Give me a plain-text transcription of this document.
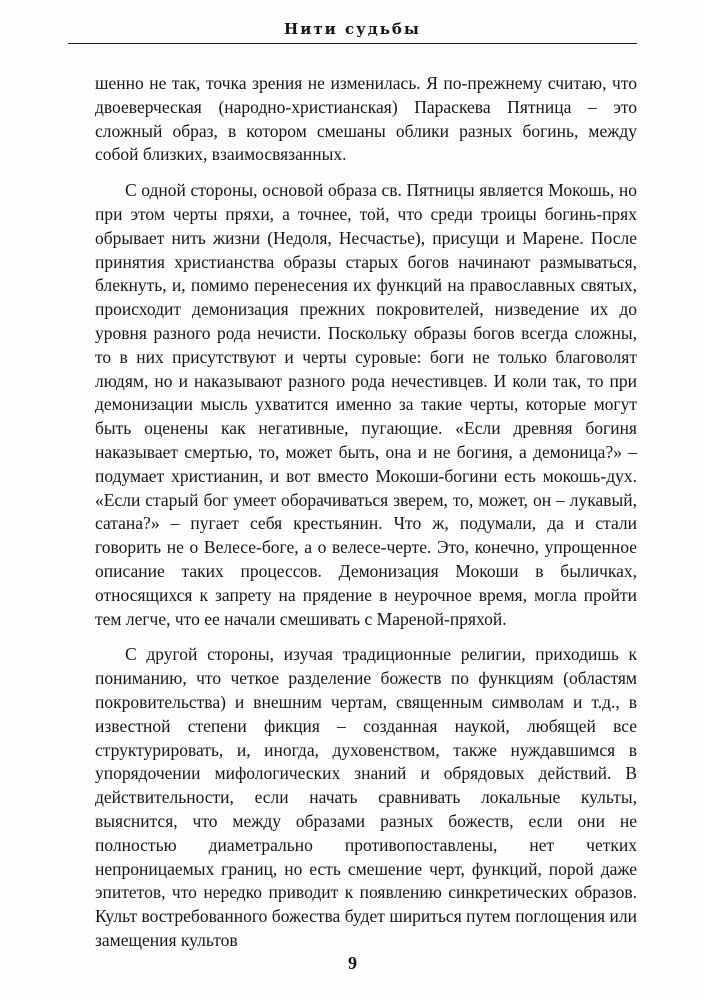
Нити судьбы

шенно не так, точка зрения не изменилась. Я по-прежнему считаю, что двоеверческая (народно-христианская) Параскева Пятница – это сложный образ, в котором смешаны облики разных богинь, между собой близких, взаимосвязанных.

С одной стороны, основой образа св. Пятницы является Мокошь, но при этом черты пряхи, а точнее, той, что среди троицы богинь-прях обрывает нить жизни (Недоля, Несчастье), присущи и Марене. После принятия христианства образы старых богов начинают размываться, блекнуть, и, помимо перенесения их функций на православных святых, происходит демонизация прежних покровителей, низведение их до уровня разного рода нечисти. Поскольку образы богов всегда сложны, то в них присутствуют и черты суровые: боги не только благоволят людям, но и наказывают разного рода нечестивцев. И коли так, то при демонизации мысль ухватится именно за такие черты, которые могут быть оценены как негативные, пугающие. «Если древняя богиня наказывает смертью, то, может быть, она и не богиня, а демоница?» – подумает христианин, и вот вместо Мокоши-богини есть мокошь-дух. «Если старый бог умеет оборачиваться зверем, то, может, он – лукавый, сатана?» – пугает себя крестьянин. Что ж, подумали, да и стали говорить не о Велесе-боге, а о велесе-черте. Это, конечно, упрощенное описание таких процессов. Демонизация Мокоши в быличках, относящихся к запрету на прядение в неурочное время, могла пройти тем легче, что ее начали смешивать с Мареной-пряхой.

С другой стороны, изучая традиционные религии, приходишь к пониманию, что четкое разделение божеств по функциям (областям покровительства) и внешним чертам, священным символам и т.д., в известной степени фикция – созданная наукой, любящей все структурировать, и, иногда, духовенством, также нуждавшимся в упорядочении мифологических знаний и обрядовых действий. В действительности, если начать сравнивать локальные культы, выяснится, что между образами разных божеств, если они не полностью диаметрально противопоставлены, нет четких непроницаемых границ, но есть смешение черт, функций, порой даже эпитетов, что нередко приводит к появлению синкретических образов. Культ востребованного божества будет шириться путем поглощения или замещения культов

9
